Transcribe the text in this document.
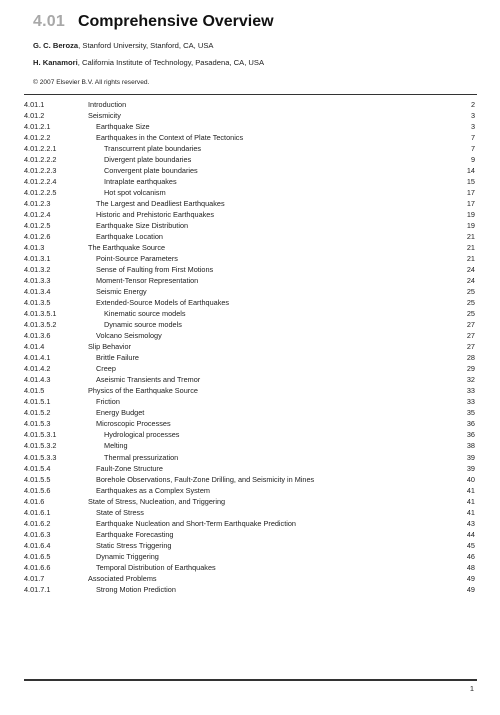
4.01 Comprehensive Overview
G. C. Beroza, Stanford University, Stanford, CA, USA
H. Kanamori, California Institute of Technology, Pasadena, CA, USA
© 2007 Elsevier B.V. All rights reserved.
4.01.1	Introduction	2
4.01.2	Seismicity	3
4.01.2.1	Earthquake Size	3
4.01.2.2	Earthquakes in the Context of Plate Tectonics	7
4.01.2.2.1	Transcurrent plate boundaries	7
4.01.2.2.2	Divergent plate boundaries	9
4.01.2.2.3	Convergent plate boundaries	14
4.01.2.2.4	Intraplate earthquakes	15
4.01.2.2.5	Hot spot volcanism	17
4.01.2.3	The Largest and Deadliest Earthquakes	17
4.01.2.4	Historic and Prehistoric Earthquakes	19
4.01.2.5	Earthquake Size Distribution	19
4.01.2.6	Earthquake Location	21
4.01.3	The Earthquake Source	21
4.01.3.1	Point-Source Parameters	21
4.01.3.2	Sense of Faulting from First Motions	24
4.01.3.3	Moment-Tensor Representation	24
4.01.3.4	Seismic Energy	25
4.01.3.5	Extended-Source Models of Earthquakes	25
4.01.3.5.1	Kinematic source models	25
4.01.3.5.2	Dynamic source models	27
4.01.3.6	Volcano Seismology	27
4.01.4	Slip Behavior	27
4.01.4.1	Brittle Failure	28
4.01.4.2	Creep	29
4.01.4.3	Aseismic Transients and Tremor	32
4.01.5	Physics of the Earthquake Source	33
4.01.5.1	Friction	33
4.01.5.2	Energy Budget	35
4.01.5.3	Microscopic Processes	36
4.01.5.3.1	Hydrological processes	36
4.01.5.3.2	Melting	38
4.01.5.3.3	Thermal pressurization	39
4.01.5.4	Fault-Zone Structure	39
4.01.5.5	Borehole Observations, Fault-Zone Drilling, and Seismicity in Mines	40
4.01.5.6	Earthquakes as a Complex System	41
4.01.6	State of Stress, Nucleation, and Triggering	41
4.01.6.1	State of Stress	41
4.01.6.2	Earthquake Nucleation and Short-Term Earthquake Prediction	43
4.01.6.3	Earthquake Forecasting	44
4.01.6.4	Static Stress Triggering	45
4.01.6.5	Dynamic Triggering	46
4.01.6.6	Temporal Distribution of Earthquakes	48
4.01.7	Associated Problems	49
4.01.7.1	Strong Motion Prediction	49
1
